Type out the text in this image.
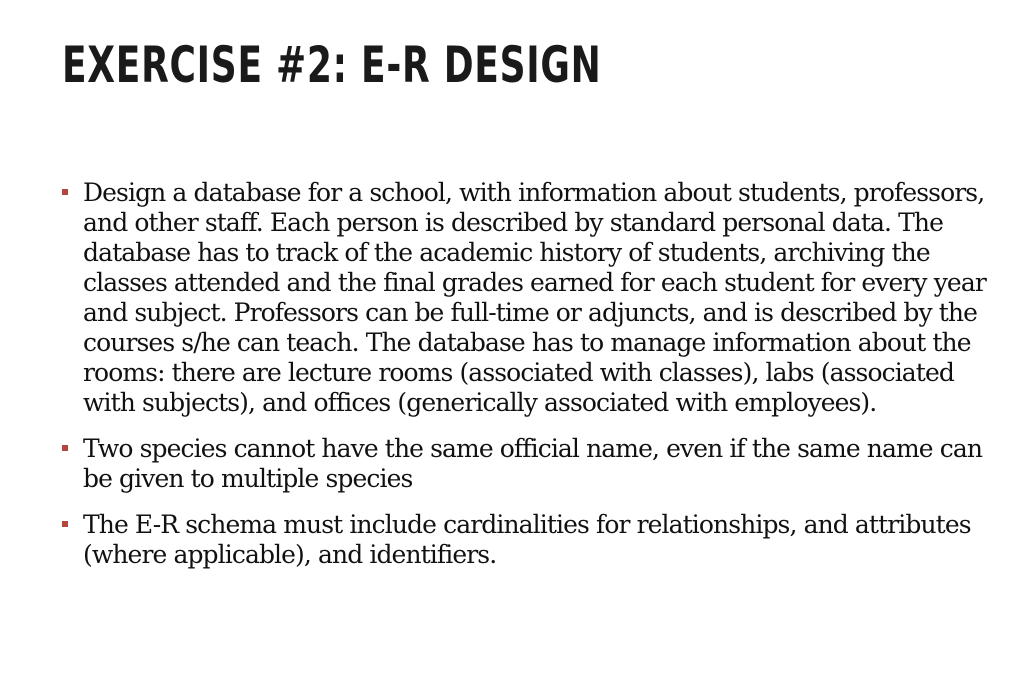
EXERCISE #2: E-R DESIGN
Design a database for a school, with information about students, professors, and other staff. Each person is described by standard personal data. The database has to track of the academic history of students, archiving the classes attended and the final grades earned for each student for every year and subject. Professors can be full-time or adjuncts, and is described by the courses s/he can teach. The database has to manage information about the rooms: there are lecture rooms (associated with classes), labs (associated with subjects), and offices (generically associated with employees).
Two species cannot have the same official name, even if the same name can be given to multiple species
The E-R schema must include cardinalities for relationships, and attributes (where applicable), and identifiers.
